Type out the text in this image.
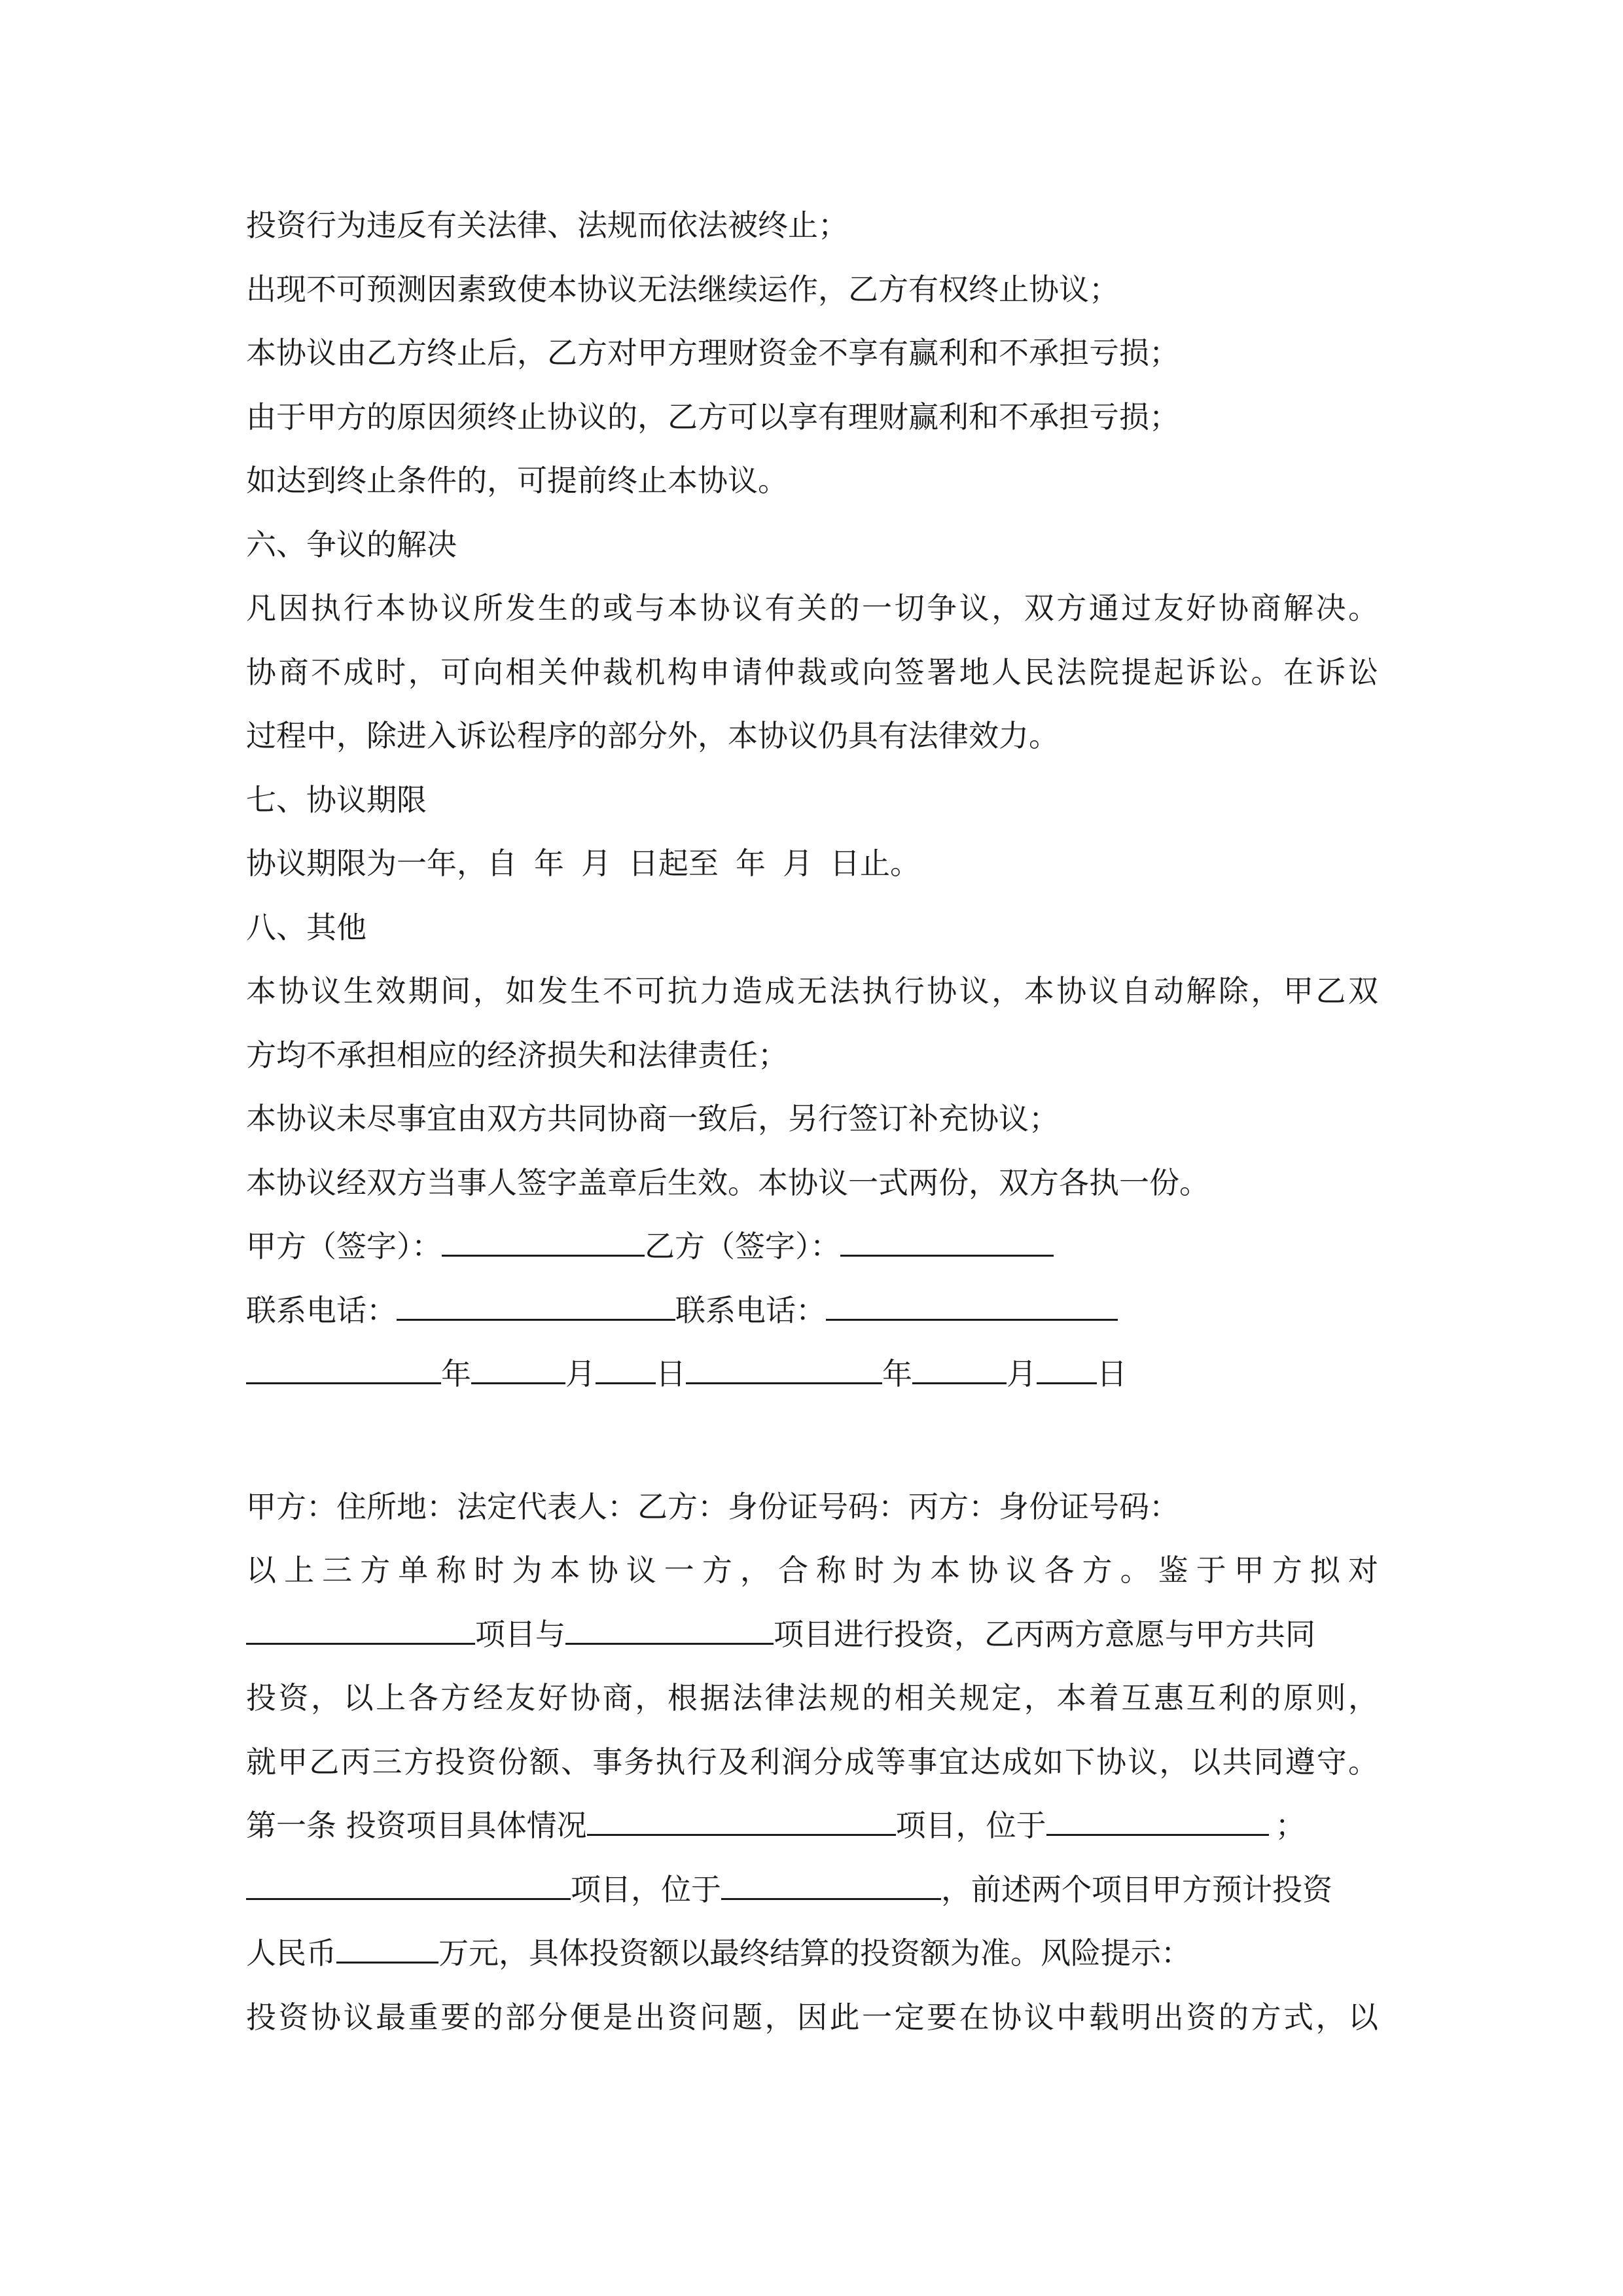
投资行为违反有关法律、法规而依法被终止；
出现不可预测因素致使本协议无法继续运作，乙方有权终止协议；
本协议由乙方终止后，乙方对甲方理财资金不享有赢利和不承担亏损；
由于甲方的原因须终止协议的，乙方可以享有理财赢利和不承担亏损；
如达到终止条件的，可提前终止本协议。
六、争议的解决
凡因执行本协议所发生的或与本协议有关的一切争议，双方通过友好协商解决。
协商不成时，可向相关仲裁机构申请仲裁或向签署地人民法院提起诉讼。在诉讼
过程中，除进入诉讼程序的部分外，本协议仍具有法律效力。
七、协议期限
协议期限为一年，自 年 月 日起至 年 月 日止。
八、其他
本协议生效期间，如发生不可抗力造成无法执行协议，本协议自动解除，甲乙双
方均不承担相应的经济损失和法律责任；
本协议未尽事宜由双方共同协商一致后，另行签订补充协议；
本协议经双方当事人签字盖章后生效。本协议一式两份，双方各执一份。
甲方（签字）：	乙方（签字）：
联系电话：	联系电话：
年	月 日	年	月 日
甲方：住所地：法定代表人：乙方：身份证号码：丙方：身份证号码：
以上三方单称时为本协议一方，合称时为本协议各方。鉴于甲方拟对
项目与	项目进行投资，乙丙两方意愿与甲方共同
投资，以上各方经友好协商，根据法律法规的相关规定，本着互惠互利的原则，
就甲乙丙三方投资份额、事务执行及利润分成等事宜达成如下协议，以共同遵守。
第一条 投资项目具体情况	项目，位于	；
项目，位于	，前述两个项目甲方预计投资
人民币	万元，具体投资额以最终结算的投资额为准。风险提示：
投资协议最重要的部分便是出资问题，因此一定要在协议中载明出资的方式，以
